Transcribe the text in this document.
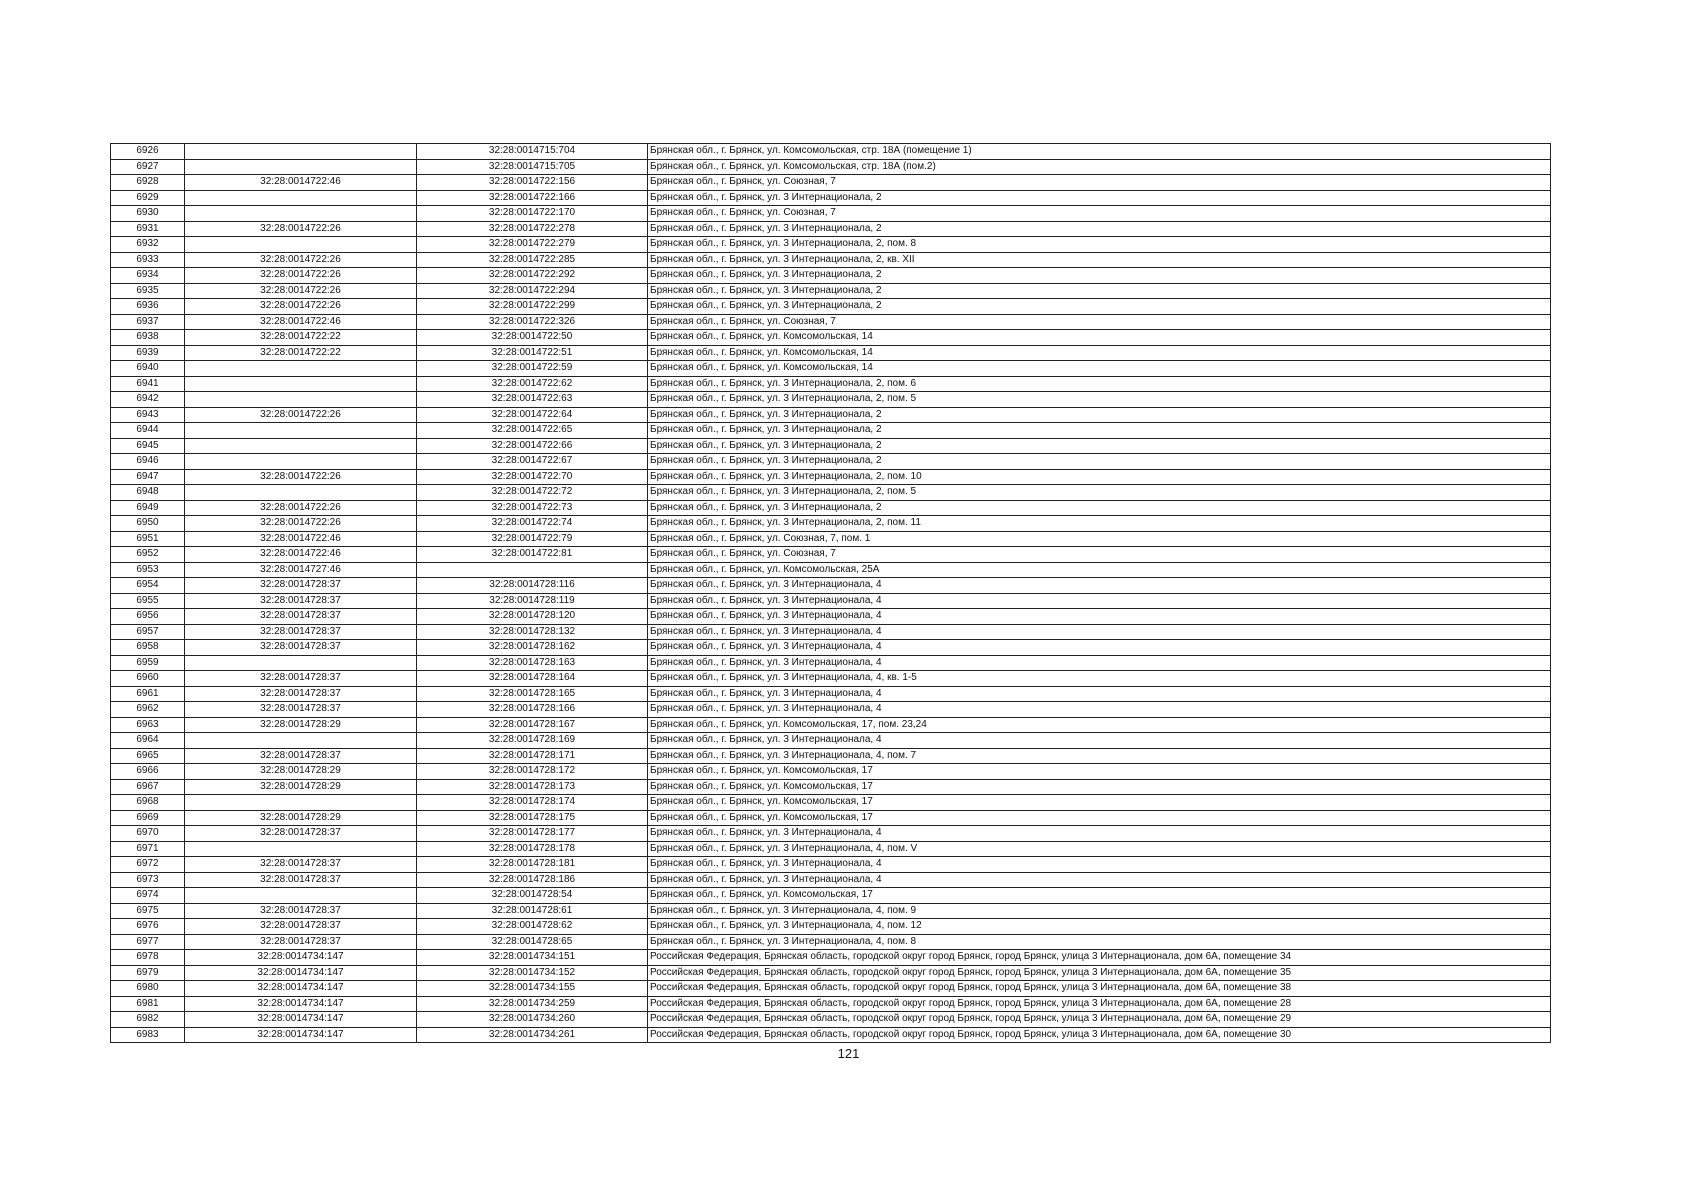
6926		32:28:0014715:704	Брянская обл., г. Брянск, ул. Комсомольская, стр. 18А (помещение 1)
6927		32:28:0014715:705	Брянская обл., г. Брянск, ул. Комсомольская, стр. 18А (пом.2)
6928	32:28:0014722:46	32:28:0014722:156	Брянская обл., г. Брянск, ул. Союзная, 7
6929		32:28:0014722:166	Брянская обл., г. Брянск, ул. 3 Интернационала, 2
6930		32:28:0014722:170	Брянская обл., г. Брянск, ул. Союзная, 7
6931	32:28:0014722:26	32:28:0014722:278	Брянская обл., г. Брянск, ул. 3 Интернационала, 2
6932		32:28:0014722:279	Брянская обл., г. Брянск, ул. 3 Интернационала, 2, пом. 8
6933	32:28:0014722:26	32:28:0014722:285	Брянская обл., г. Брянск, ул. 3 Интернационала, 2, кв. XII
6934	32:28:0014722:26	32:28:0014722:292	Брянская обл., г. Брянск, ул. 3 Интернационала, 2
6935	32:28:0014722:26	32:28:0014722:294	Брянская обл., г. Брянск, ул. 3 Интернационала, 2
6936	32:28:0014722:26	32:28:0014722:299	Брянская обл., г. Брянск, ул. 3 Интернационала, 2
6937	32:28:0014722:46	32:28:0014722:326	Брянская обл., г. Брянск, ул. Союзная, 7
6938	32:28:0014722:22	32:28:0014722:50	Брянская обл., г. Брянск, ул. Комсомольская, 14
6939	32:28:0014722:22	32:28:0014722:51	Брянская обл., г. Брянск, ул. Комсомольская, 14
6940		32:28:0014722:59	Брянская обл., г. Брянск, ул. Комсомольская, 14
6941		32:28:0014722:62	Брянская обл., г. Брянск, ул. 3 Интернационала, 2, пом. 6
6942		32:28:0014722:63	Брянская обл., г. Брянск, ул. 3 Интернационала, 2, пом. 5
6943	32:28:0014722:26	32:28:0014722:64	Брянская обл., г. Брянск, ул. 3 Интернационала, 2
6944		32:28:0014722:65	Брянская обл., г. Брянск, ул. 3 Интернационала, 2
6945		32:28:0014722:66	Брянская обл., г. Брянск, ул. 3 Интернационала, 2
6946		32:28:0014722:67	Брянская обл., г. Брянск, ул. 3 Интернационала, 2
6947	32:28:0014722:26	32:28:0014722:70	Брянская обл., г. Брянск, ул. 3 Интернационала, 2, пом. 10
6948		32:28:0014722:72	Брянская обл., г. Брянск, ул. 3 Интернационала, 2, пом. 5
6949	32:28:0014722:26	32:28:0014722:73	Брянская обл., г. Брянск, ул. 3 Интернационала, 2
6950	32:28:0014722:26	32:28:0014722:74	Брянская обл., г. Брянск, ул. 3 Интернационала, 2, пом. 11
6951	32:28:0014722:46	32:28:0014722:79	Брянская обл., г. Брянск, ул. Союзная, 7, пом. 1
6952	32:28:0014722:46	32:28:0014722:81	Брянская обл., г. Брянск, ул. Союзная, 7
6953	32:28:0014727:46		Брянская обл., г. Брянск, ул. Комсомольская, 25А
6954	32:28:0014728:37	32:28:0014728:116	Брянская обл., г. Брянск, ул. 3 Интернационала, 4
6955	32:28:0014728:37	32:28:0014728:119	Брянская обл., г. Брянск, ул. 3 Интернационала, 4
6956	32:28:0014728:37	32:28:0014728:120	Брянская обл., г. Брянск, ул. 3 Интернационала, 4
6957	32:28:0014728:37	32:28:0014728:132	Брянская обл., г. Брянск, ул. 3 Интернационала, 4
6958	32:28:0014728:37	32:28:0014728:162	Брянская обл., г. Брянск, ул. 3 Интернационала, 4
6959		32:28:0014728:163	Брянская обл., г. Брянск, ул. 3 Интернационала, 4
6960	32:28:0014728:37	32:28:0014728:164	Брянская обл., г. Брянск, ул. 3 Интернационала, 4, кв. 1-5
6961	32:28:0014728:37	32:28:0014728:165	Брянская обл., г. Брянск, ул. 3 Интернационала, 4
6962	32:28:0014728:37	32:28:0014728:166	Брянская обл., г. Брянск, ул. 3 Интернационала, 4
6963	32:28:0014728:29	32:28:0014728:167	Брянская обл., г. Брянск, ул. Комсомольская, 17, пом. 23,24
6964		32:28:0014728:169	Брянская обл., г. Брянск, ул. 3 Интернационала, 4
6965	32:28:0014728:37	32:28:0014728:171	Брянская обл., г. Брянск, ул. 3 Интернационала, 4, пом. 7
6966	32:28:0014728:29	32:28:0014728:172	Брянская обл., г. Брянск, ул. Комсомольская, 17
6967	32:28:0014728:29	32:28:0014728:173	Брянская обл., г. Брянск, ул. Комсомольская, 17
6968		32:28:0014728:174	Брянская обл., г. Брянск, ул. Комсомольская, 17
6969	32:28:0014728:29	32:28:0014728:175	Брянская обл., г. Брянск, ул. Комсомольская, 17
6970	32:28:0014728:37	32:28:0014728:177	Брянская обл., г. Брянск, ул. 3 Интернационала, 4
6971		32:28:0014728:178	Брянская обл., г. Брянск, ул. 3 Интернационала, 4, пом. V
6972	32:28:0014728:37	32:28:0014728:181	Брянская обл., г. Брянск, ул. 3 Интернационала, 4
6973	32:28:0014728:37	32:28:0014728:186	Брянская обл., г. Брянск, ул. 3 Интернационала, 4
6974		32:28:0014728:54	Брянская обл., г. Брянск, ул. Комсомольская, 17
6975	32:28:0014728:37	32:28:0014728:61	Брянская обл., г. Брянск, ул. 3 Интернационала, 4, пом. 9
6976	32:28:0014728:37	32:28:0014728:62	Брянская обл., г. Брянск, ул. 3 Интернационала, 4, пом. 12
6977	32:28:0014728:37	32:28:0014728:65	Брянская обл., г. Брянск, ул. 3 Интернационала, 4, пом. 8
6978	32:28:0014734:147	32:28:0014734:151	Российская Федерация, Брянская область, городской округ город Брянск, город Брянск, улица 3 Интернационала, дом 6А, помещение 34
6979	32:28:0014734:147	32:28:0014734:152	Российская Федерация, Брянская область, городской округ город Брянск, город Брянск, улица 3 Интернационала, дом 6А, помещение 35
6980	32:28:0014734:147	32:28:0014734:155	Российская Федерация, Брянская область, городской округ город Брянск, город Брянск, улица 3 Интернационала, дом 6А, помещение 38
6981	32:28:0014734:147	32:28:0014734:259	Российская Федерация, Брянская область, городской округ город Брянск, город Брянск, улица 3 Интернационала, дом 6А, помещение 28
6982	32:28:0014734:147	32:28:0014734:260	Российская Федерация, Брянская область, городской округ город Брянск, город Брянск, улица 3 Интернационала, дом 6А, помещение 29
6983	32:28:0014734:147	32:28:0014734:261	Российская Федерация, Брянская область, городской округ город Брянск, город Брянск, улица 3 Интернационала, дом 6А, помещение 30
121
